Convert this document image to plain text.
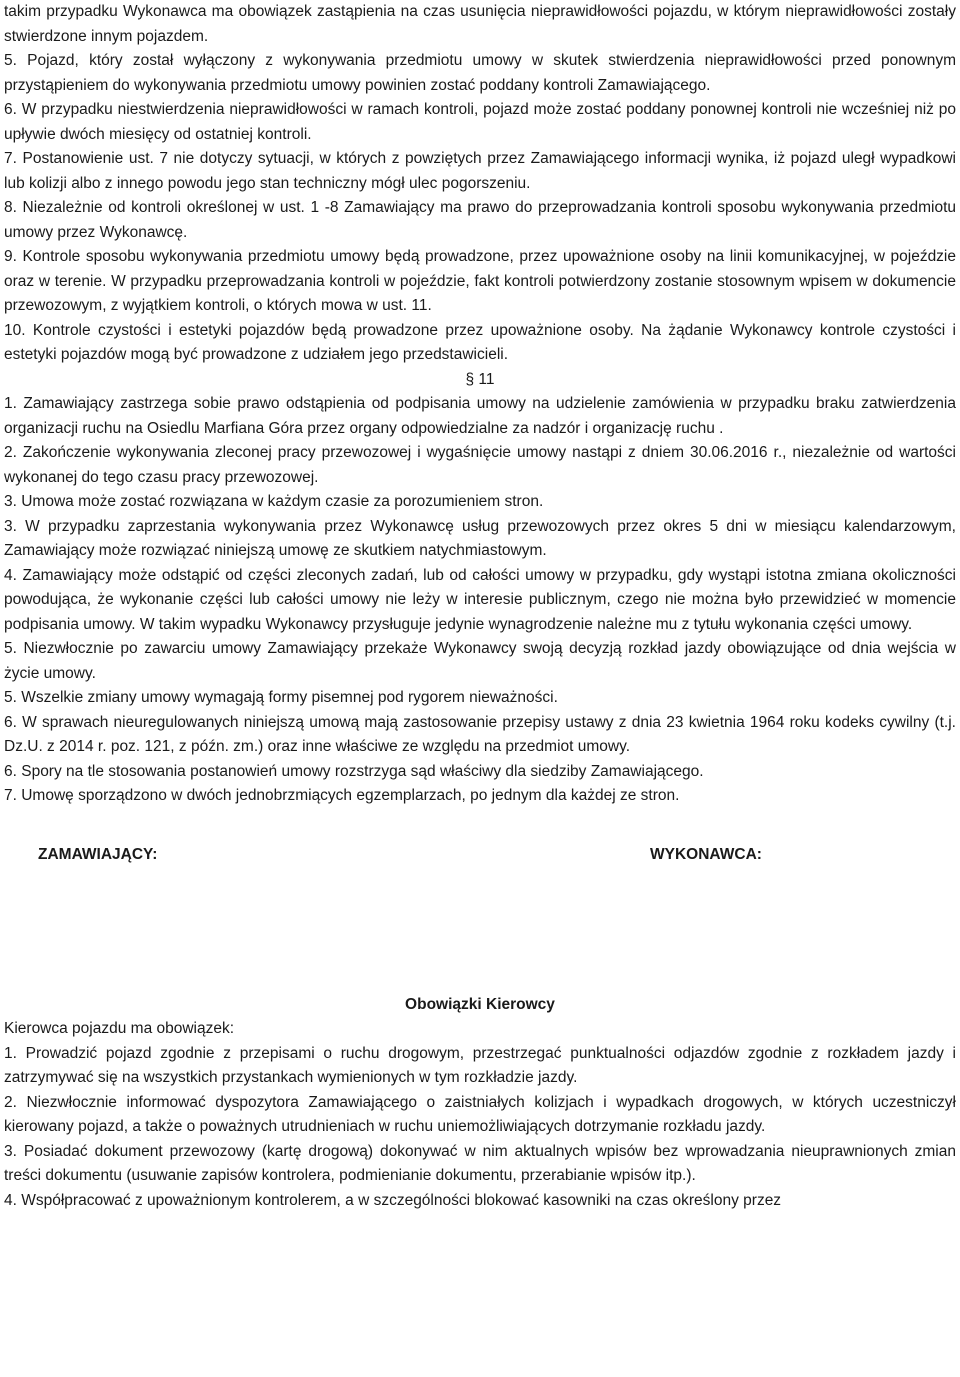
takim przypadku Wykonawca ma obowiązek zastąpienia na czas usunięcia nieprawidłowości pojazdu, w którym nieprawidłowości zostały stwierdzone innym pojazdem.

5. Pojazd, który został wyłączony z wykonywania przedmiotu umowy w skutek stwierdzenia nieprawidłowości przed ponownym przystąpieniem do wykonywania przedmiotu umowy powinien zostać poddany kontroli Zamawiającego.

6. W przypadku niestwierdzenia nieprawidłowości w ramach kontroli, pojazd może zostać poddany ponownej kontroli nie wcześniej niż po upływie dwóch miesięcy od ostatniej kontroli.

7. Postanowienie ust. 7 nie dotyczy sytuacji, w których z powziętych przez Zamawiającego informacji wynika, iż pojazd uległ wypadkowi lub kolizji albo z innego powodu jego stan techniczny mógł ulec pogorszeniu.

8. Niezależnie od kontroli określonej w ust. 1 -8 Zamawiający ma prawo do przeprowadzania kontroli sposobu wykonywania przedmiotu umowy przez Wykonawcę.

9. Kontrole sposobu wykonywania przedmiotu umowy będą prowadzone, przez upoważnione osoby na linii komunikacyjnej, w pojeździe oraz w terenie. W przypadku przeprowadzania kontroli w pojeździe, fakt kontroli potwierdzony zostanie stosownym wpisem w dokumencie przewozowym, z wyjątkiem kontroli, o których mowa w ust. 11.

10. Kontrole czystości i estetyki pojazdów będą prowadzone przez upoważnione osoby. Na żądanie Wykonawcy kontrole czystości i estetyki pojazdów mogą być prowadzone z udziałem jego przedstawicieli.

§ 11

1. Zamawiający zastrzega sobie prawo odstąpienia od podpisania umowy na udzielenie zamówienia w przypadku braku zatwierdzenia organizacji ruchu na Osiedlu Marfiana Góra przez organy odpowiedzialne za nadzór i organizację ruchu .

2. Zakończenie wykonywania zleconej pracy przewozowej i wygaśnięcie umowy nastąpi z dniem 30.06.2016 r., niezależnie od wartości wykonanej do tego czasu pracy przewozowej.

3. Umowa może zostać rozwiązana w każdym czasie za porozumieniem stron.

3. W przypadku zaprzestania wykonywania przez Wykonawcę usług przewozowych przez okres 5 dni w miesiącu kalendarzowym, Zamawiający może rozwiązać niniejszą umowę ze skutkiem natychmiastowym.

4. Zamawiający może odstąpić od części zleconych zadań, lub od całości umowy w przypadku, gdy wystąpi istotna zmiana okoliczności powodująca, że wykonanie części lub całości umowy nie leży w interesie publicznym, czego nie można było przewidzieć w momencie podpisania umowy. W takim wypadku Wykonawcy przysługuje jedynie wynagrodzenie należne mu z tytułu wykonania części umowy.

5. Niezwłocznie po zawarciu umowy Zamawiający przekaże Wykonawcy swoją decyzją rozkład jazdy obowiązujące od dnia wejścia w życie umowy.

5. Wszelkie zmiany umowy wymagają formy pisemnej pod rygorem nieważności.

6. W sprawach nieuregulowanych niniejszą umową mają zastosowanie przepisy ustawy z dnia 23 kwietnia 1964 roku kodeks cywilny (t.j. Dz.U. z 2014 r. poz. 121, z późn. zm.) oraz inne właściwe ze względu na przedmiot umowy.

6. Spory na tle stosowania postanowień umowy rozstrzyga sąd właściwy dla siedziby Zamawiającego.

7. Umowę sporządzono w dwóch jednobrzmiących egzemplarzach, po jednym dla każdej ze stron.

ZAMAWIAJĄCY:	WYKONAWCA:

Obowiązki Kierowcy

Kierowca pojazdu ma obowiązek:

1. Prowadzić pojazd zgodnie z przepisami o ruchu drogowym, przestrzegać punktualności odjazdów zgodnie z rozkładem jazdy i zatrzymywać się na wszystkich przystankach wymienionych w tym rozkładzie jazdy.

2. Niezwłocznie informować dyspozytora Zamawiającego o zaistniałych kolizjach i wypadkach drogowych, w których uczestniczył kierowany pojazd, a także o poważnych utrudnieniach w ruchu uniemożliwiających dotrzymanie rozkładu jazdy.

3. Posiadać dokument przewozowy (kartę drogową) dokonywać w nim aktualnych wpisów bez wprowadzania nieuprawnionych zmian treści dokumentu (usuwanie zapisów kontrolera, podmienianie dokumentu, przerabianie wpisów itp.).

4. Współpracować z upoważnionym kontrolerem, a w szczególności blokować kasowniki na czas określony przez
